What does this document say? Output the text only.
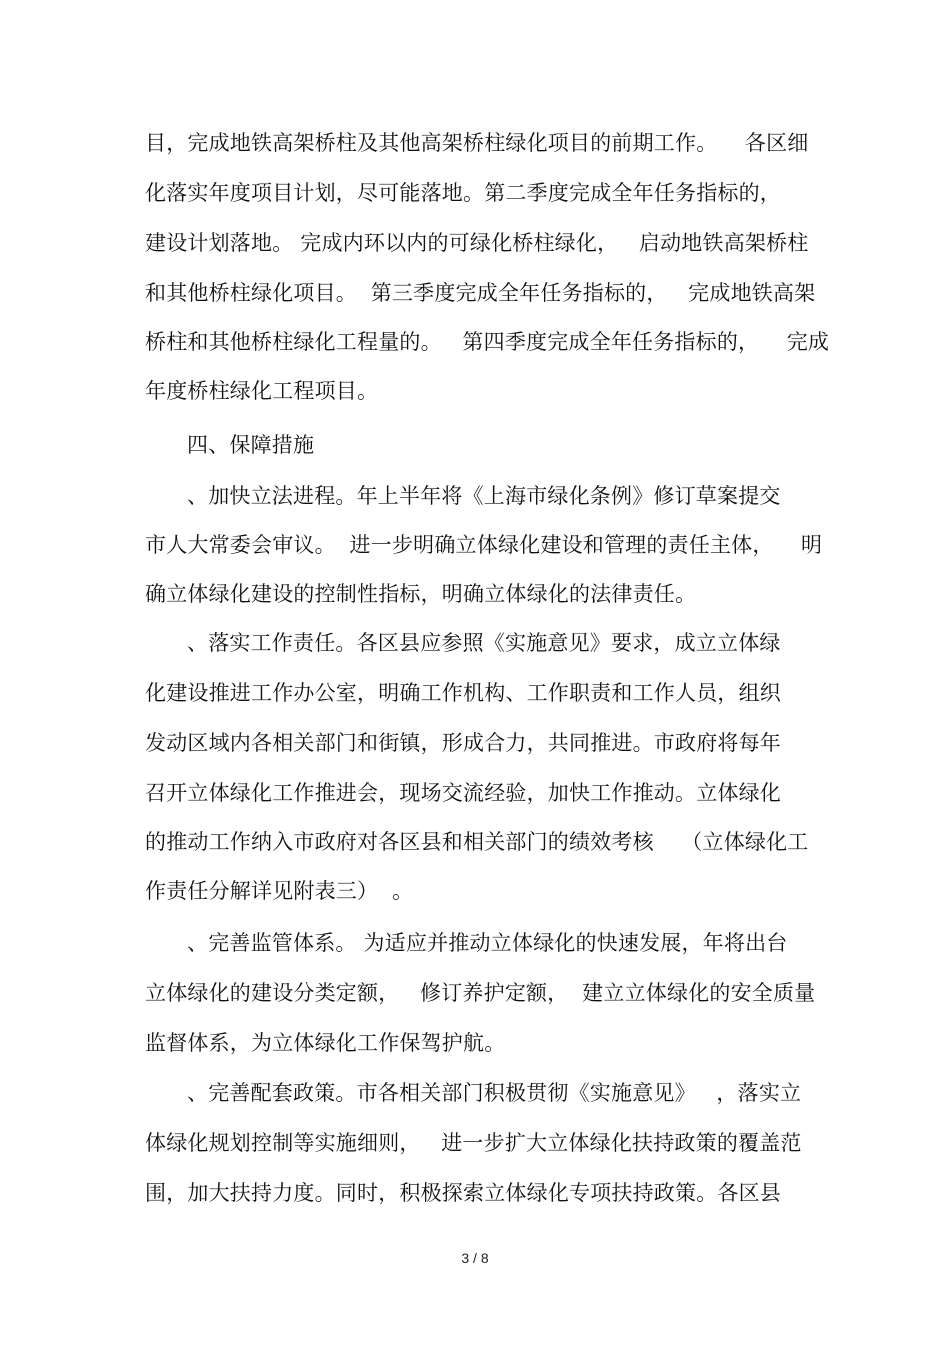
目，完成地铁高架桥柱及其他高架桥柱绿化项目的前期工作。    各区细
化落实年度项目计划，尽可能落地。第二季度完成全年任务指标的，
建设计划落地。 完成内环以内的可绿化桥柱绿化，   启动地铁高架桥柱
和其他桥柱绿化项目。  第三季度完成全年任务指标的，   完成地铁高架
桥柱和其他桥柱绿化工程量的。   第四季度完成全年任务指标的，    完成
年度桥柱绿化工程项目。
四、保障措施
、加快立法进程。年上半年将《上海市绿化条例》修订草案提交
市人大常委会审议。  进一步明确立体绿化建设和管理的责任主体，    明
确立体绿化建设的控制性指标，明确立体绿化的法律责任。
、落实工作责任。各区县应参照《实施意见》要求，成立立体绿
化建设推进工作办公室，明确工作机构、工作职责和工作人员，组织
发动区域内各相关部门和街镇，形成合力，共同推进。市政府将每年
召开立体绿化工作推进会，现场交流经验，加快工作推动。立体绿化
的推动工作纳入市政府对各区县和相关部门的绩效考核    （立体绿化工
作责任分解详见附表三）  。
、完善监管体系。 为适应并推动立体绿化的快速发展，年将出台
立体绿化的建设分类定额，   修订养护定额，  建立立体绿化的安全质量
监督体系，为立体绿化工作保驾护航。
、完善配套政策。市各相关部门积极贯彻《实施意见》   ，落实立
体绿化规划控制等实施细则，   进一步扩大立体绿化扶持政策的覆盖范
围，加大扶持力度。同时，积极探索立体绿化专项扶持政策。各区县
3 / 8
